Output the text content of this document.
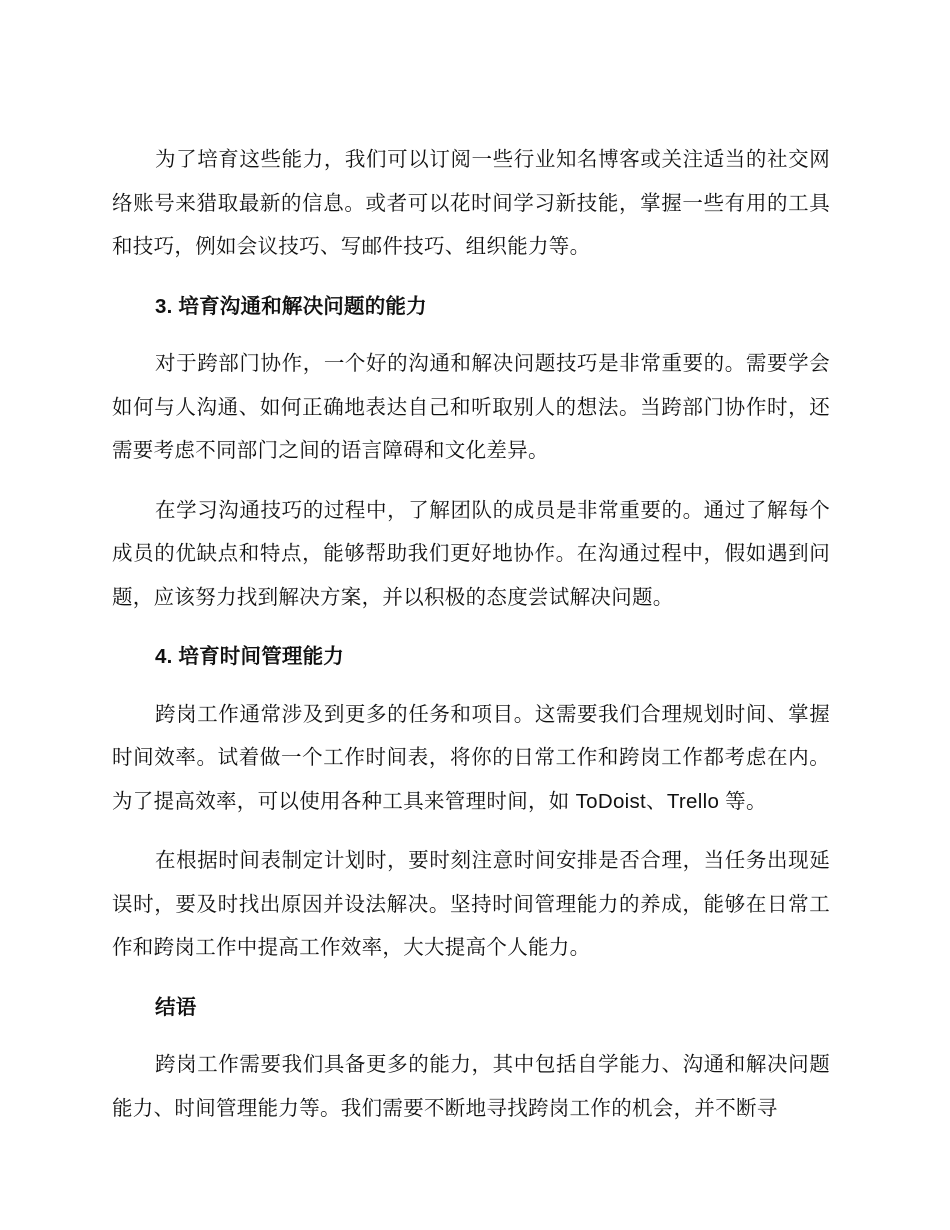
为了培育这些能力，我们可以订阅一些行业知名博客或关注适当的社交网络账号来猎取最新的信息。或者可以花时间学习新技能，掌握一些有用的工具和技巧，例如会议技巧、写邮件技巧、组织能力等。

3. 培育沟通和解决问题的能力

对于跨部门协作，一个好的沟通和解决问题技巧是非常重要的。需要学会如何与人沟通、如何正确地表达自己和听取别人的想法。当跨部门协作时，还需要考虑不同部门之间的语言障碍和文化差异。

在学习沟通技巧的过程中，了解团队的成员是非常重要的。通过了解每个成员的优缺点和特点，能够帮助我们更好地协作。在沟通过程中，假如遇到问题，应该努力找到解决方案，并以积极的态度尝试解决问题。

4. 培育时间管理能力

跨岗工作通常涉及到更多的任务和项目。这需要我们合理规划时间、掌握时间效率。试着做一个工作时间表，将你的日常工作和跨岗工作都考虑在内。为了提高效率，可以使用各种工具来管理时间，如 ToDoist、Trello 等。

在根据时间表制定计划时，要时刻注意时间安排是否合理，当任务出现延误时，要及时找出原因并设法解决。坚持时间管理能力的养成，能够在日常工作和跨岗工作中提高工作效率，大大提高个人能力。

结语

跨岗工作需要我们具备更多的能力，其中包括自学能力、沟通和解决问题能力、时间管理能力等。我们需要不断地寻找跨岗工作的机会，并不断寻
